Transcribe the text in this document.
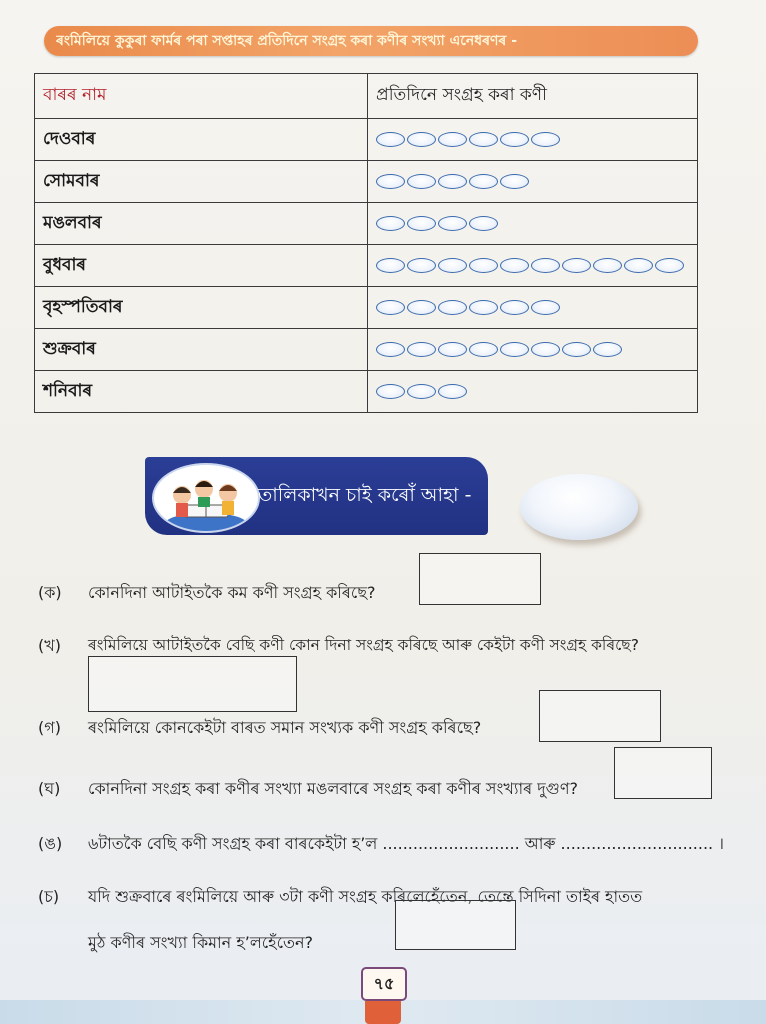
ৰংমিলিয়ে কুকুৰা ফাৰ্মৰ পৰা সপ্তাহৰ প্ৰতিদিনে সংগ্ৰহ কৰা কণীৰ সংখ্যা এনেধৰণৰ -
বাৰৰ নাম	প্ৰতিদিনে সংগ্ৰহ কৰা কণী
দেওবাৰ	

সোমবাৰ	

মঙলবাৰ	

বুধবাৰ	

বৃহস্পতিবাৰ	

শুক্ৰবাৰ	

শনিবাৰ	
তালিকাখন চাই কৰোঁ আহা -
(ক) কোনদিনা আটাইতকৈ কম কণী সংগ্ৰহ কৰিছে?
(খ) ৰংমিলিয়ে আটাইতকৈ বেছি কণী কোন দিনা সংগ্ৰহ কৰিছে আৰু কেইটা কণী সংগ্ৰহ কৰিছে?
(গ) ৰংমিলিয়ে কোনকেইটা বাৰত সমান সংখ্যক কণী সংগ্ৰহ কৰিছে?
(ঘ) কোনদিনা সংগ্ৰহ কৰা কণীৰ সংখ্যা মঙলবাৰে সংগ্ৰহ কৰা কণীৰ সংখ্যাৰ দুগুণ?
(ঙ) ৬টাতকৈ বেছি কণী সংগ্ৰহ কৰা বাৰকেইটা হ’ল ........................... আৰু .............................. ।
(চ) যদি শুক্ৰবাৰে ৰংমিলিয়ে আৰু ৩টা কণী সংগ্ৰহ কৰিলেহেঁতেন, তেন্তে সিদিনা তাইৰ হাতত
মুঠ কণীৰ সংখ্যা কিমান হ’লহেঁতেন?
৭৫
